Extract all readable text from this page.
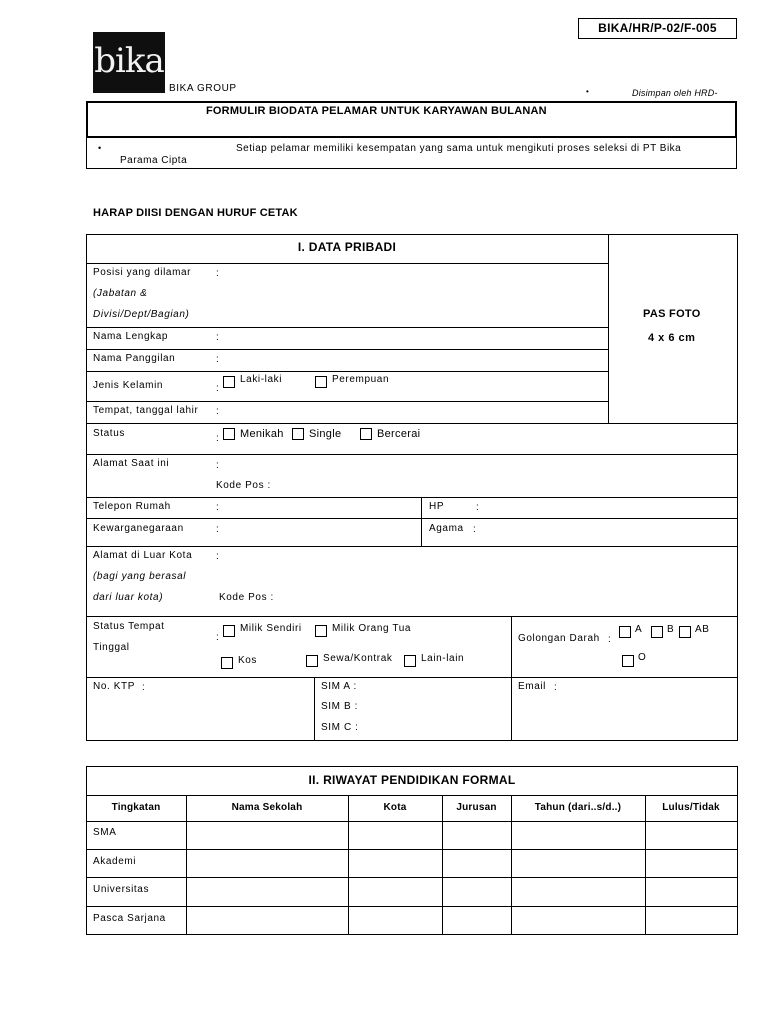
BIKA/HR/P-02/F-005
bika
BIKA GROUP	•	Disimpan oleh HRD-
FORMULIR BIODATA PELAMAR UNTUK KARYAWAN BULANAN
•	Setiap pelamar memiliki kesempatan yang sama untuk mengikuti proses seleksi di PT Bika
Parama Cipta
HARAP DIISI DENGAN HURUF CETAK
I. DATA PRIBADI
PAS FOTO
4 x 6 cm
Posisi yang dilamar :
(Jabatan &
Divisi/Dept/Bagian)
Nama Lengkap	:
Nama Panggilan	:
Jenis Kelamin	:
Laki-laki	Perempuan
Tempat, tanggal lahir :
Status	: Menikah Single	Bercerai
Alamat Saat ini	:
Kode Pos :
Telepon Rumah	:	HP	:
Kewarganegaraan	:	Agama :
Alamat di Luar Kota :
(bagi yang berasal
dari luar kota)	Kode Pos :
Status Tempat
Tinggal
:
Milik Sendiri	Milik Orang Tua
Kos	Sewa/Kontrak	Lain-lain
Golongan Darah :
A B AB
O
No. KTP :	SIM A :
SIM B :
SIM C :
Email :
II. RIWAYAT PENDIDIKAN FORMAL
Tingkatan	Nama Sekolah	Kota	Jurusan	Tahun (dari..s/d..)	Lulus/Tidak
SMA
Akademi
Universitas
Pasca Sarjana
